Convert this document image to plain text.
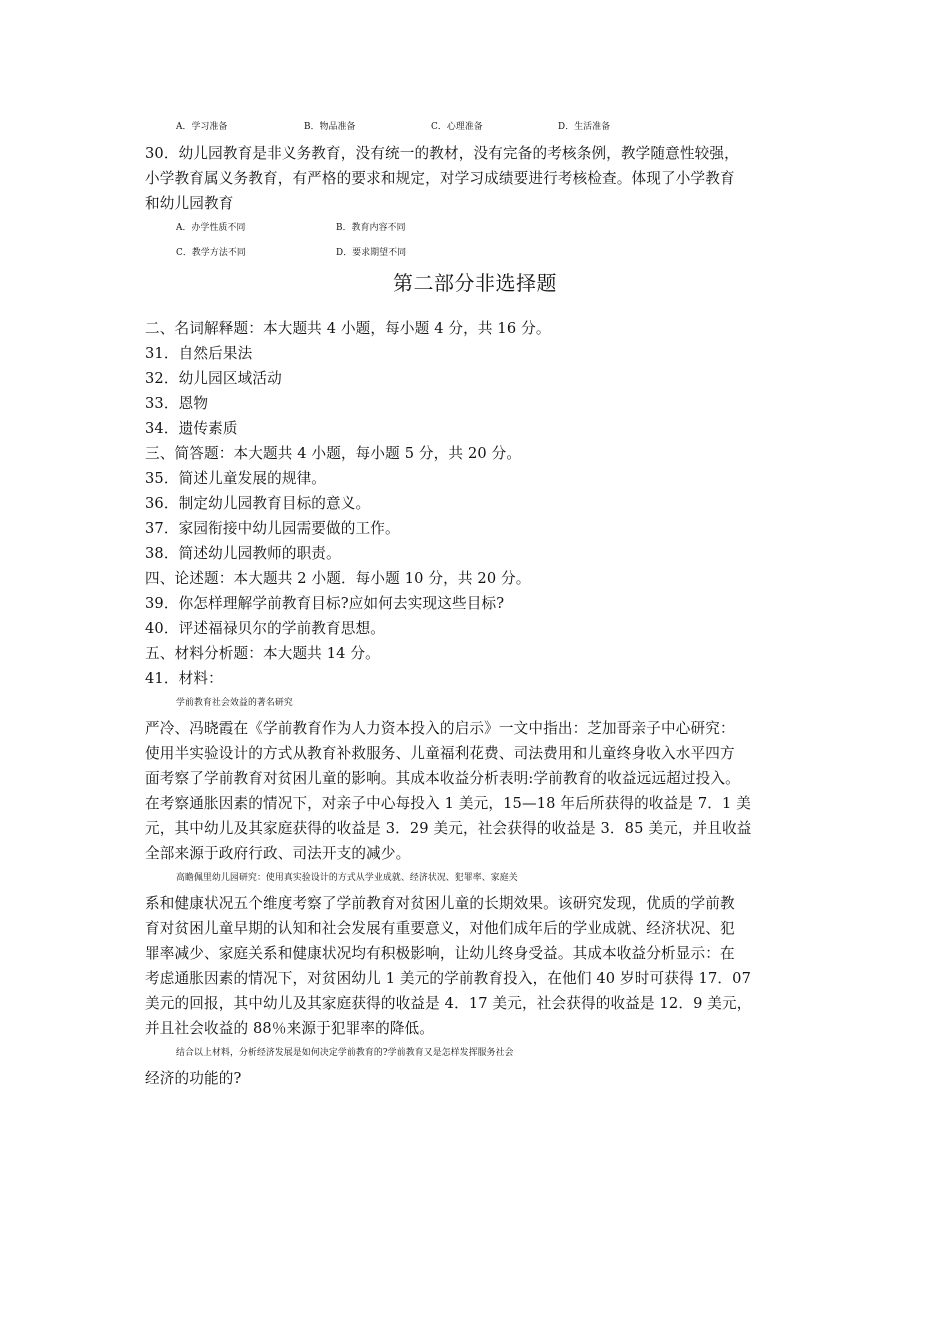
A．学习准备	B．物品准备	C．心理准备	D．生活准备
30．幼儿园教育是非义务教育，没有统一的教材，没有完备的考核条例，教学随意性较强，
小学教育属义务教育，有严格的要求和规定，对学习成绩要进行考核检查。体现了小学教育
和幼儿园教育
A．办学性质不同	B．教育内容不同
C．教学方法不同	D．要求期望不同
第二部分非选择题
二、名词解释题：本大题共 4 小题，每小题 4 分，共 16 分。
31．自然后果法
32．幼儿园区域活动
33．恩物
34．遗传素质
三、简答题：本大题共 4 小题，每小题 5 分，共 20 分。
35．简述儿童发展的规律。
36．制定幼儿园教育目标的意义。
37．家园衔接中幼儿园需要做的工作。
38．简述幼儿园教师的职责。
四、论述题：本大题共 2 小题．每小题 10 分，共 20 分。
39．你怎样理解学前教育目标?应如何去实现这些目标?
40．评述福禄贝尔的学前教育思想。
五、材料分析题：本大题共 14 分。
41．材料：
学前教育社会效益的著名研究
严冷、冯晓霞在《学前教育作为人力资本投入的启示》一文中指出：芝加哥亲子中心研究：
使用半实验设计的方式从教育补救服务、儿童福利花费、司法费用和儿童终身收入水平四方
面考察了学前教育对贫困儿童的影响。其成本收益分析表明:学前教育的收益远远超过投入。
在考察通胀因素的情况下，对亲子中心每投入 1 美元，15—18 年后所获得的收益是 7．1 美
元，其中幼儿及其家庭获得的收益是 3．29 美元，社会获得的收益是 3．85 美元，并且收益
全部来源于政府行政、司法开支的减少。
高瞻佩里幼儿园研究：使用真实验设计的方式从学业成就、经济状况、犯罪率、家庭关
系和健康状况五个维度考察了学前教育对贫困儿童的长期效果。该研究发现，优质的学前教
育对贫困儿童早期的认知和社会发展有重要意义，对他们成年后的学业成就、经济状况、犯
罪率减少、家庭关系和健康状况均有积极影响，让幼儿终身受益。其成本收益分析显示：在
考虑通胀因素的情况下，对贫困幼儿 1 美元的学前教育投入，在他们 40 岁时可获得 17．07
美元的回报，其中幼儿及其家庭获得的收益是 4．17 美元，社会获得的收益是 12．9 美元，
并且社会收益的 88％来源于犯罪率的降低。
结合以上材料，分析经济发展是如何决定学前教育的?学前教育又是怎样发挥服务社会
经济的功能的?
